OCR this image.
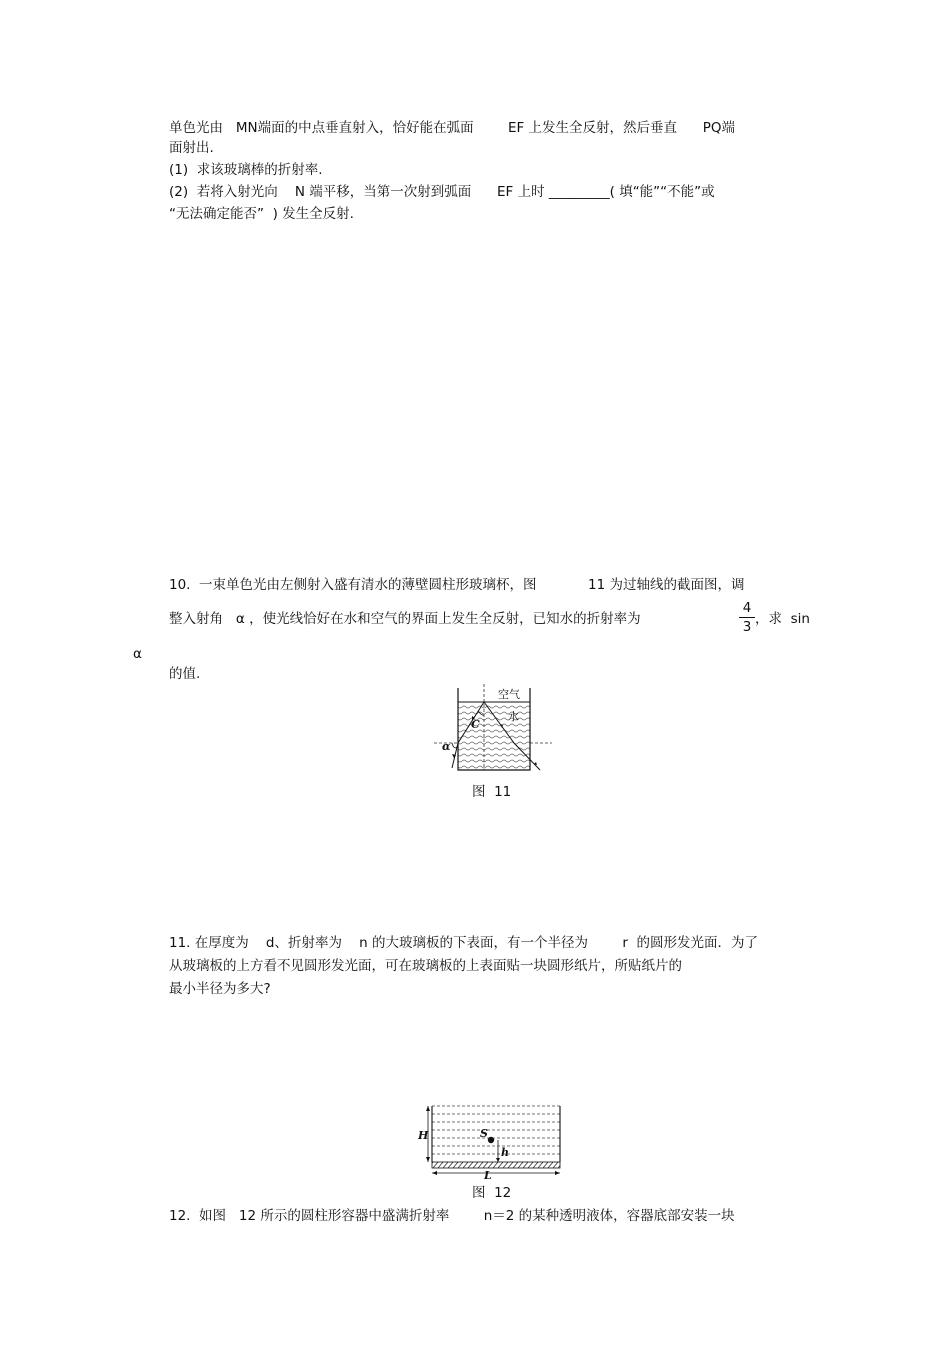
单色光由   MN端面的中点垂直射入，恰好能在弧面        EF 上发生全反射，然后垂直      PQ端
面射出.
(1)  求该玻璃棒的折射率.
(2)  若将入射光向    N 端平移，当第一次射到弧面      EF 上时 _________( 填“能”“不能”或
“无法确定能否”  ) 发生全反射.
10.  一束单色光由左侧射入盛有清水的薄壁圆柱形玻璃杯，图            11 为过轴线的截面图，调
整入射角   α ，使光线恰好在水和空气的界面上发生全反射，已知水的折射率为
4
3 ，求  sin
α
的值.
空气
水
C
α
图  11
11. 在厚度为    d、折射率为    n 的大玻璃板的下表面，有一个半径为        r  的圆形发光面．为了
从玻璃板的上方看不见圆形发光面，可在玻璃板的上表面贴一块圆形纸片，所贴纸片的
最小半径为多大?
H	S
h
L
图  12
12.  如图   12 所示的圆柱形容器中盛满折射率        n＝2 的某种透明液体，容器底部安装一块
